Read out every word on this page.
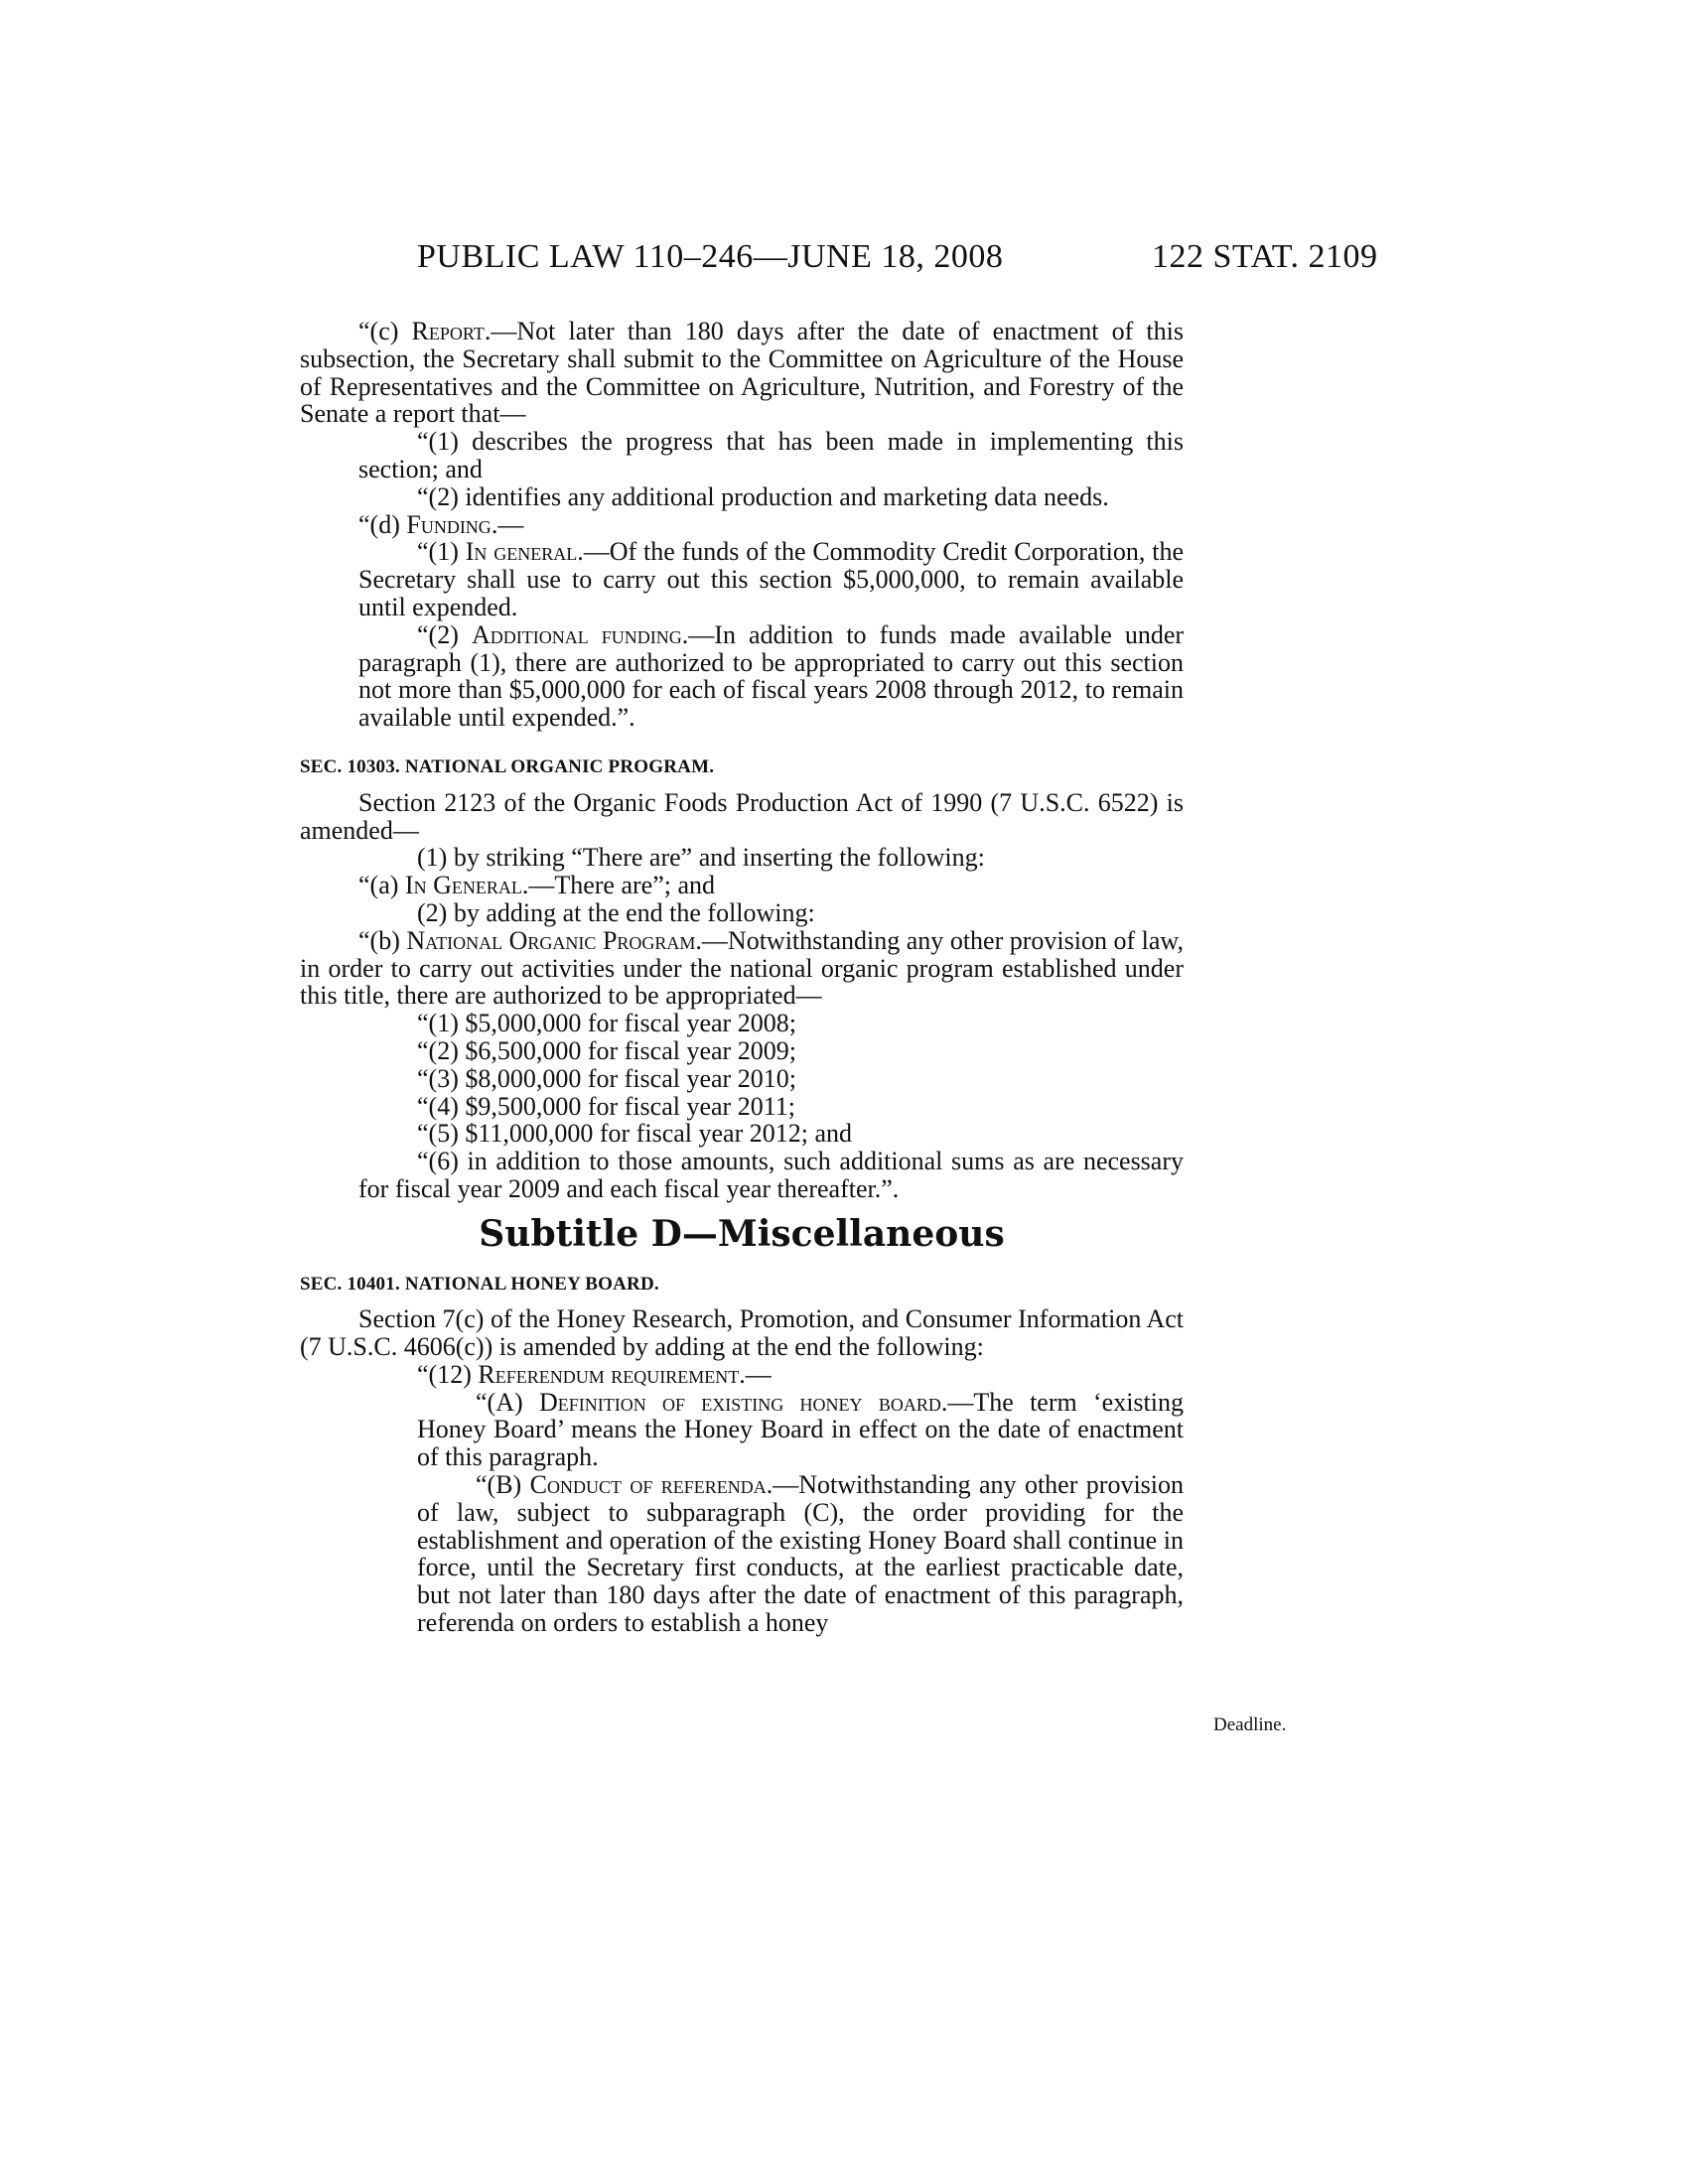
PUBLIC LAW 110–246—JUNE 18, 2008	122 STAT. 2109
Deadline.

“(c) Report.—Not later than 180 days after the date of enactment of this subsection, the Secretary shall submit to the Committee on Agriculture of the House of Representatives and the Committee on Agriculture, Nutrition, and Forestry of the Senate a report that—

“(1) describes the progress that has been made in implementing this section; and

“(2) identifies any additional production and marketing data needs.

“(d) Funding.—

“(1) In general.—Of the funds of the Commodity Credit Corporation, the Secretary shall use to carry out this section $5,000,000, to remain available until expended.

“(2) Additional funding.—In addition to funds made available under paragraph (1), there are authorized to be appropriated to carry out this section not more than $5,000,000 for each of fiscal years 2008 through 2012, to remain available until expended.”.

SEC. 10303. NATIONAL ORGANIC PROGRAM.

Section 2123 of the Organic Foods Production Act of 1990 (7 U.S.C. 6522) is amended—

(1) by striking “There are” and inserting the following:

“(a) In General.—There are”; and

(2) by adding at the end the following:

“(b) National Organic Program.—Notwithstanding any other provision of law, in order to carry out activities under the national organic program established under this title, there are authorized to be appropriated—

“(1) $5,000,000 for fiscal year 2008;

“(2) $6,500,000 for fiscal year 2009;

“(3) $8,000,000 for fiscal year 2010;

“(4) $9,500,000 for fiscal year 2011;

“(5) $11,000,000 for fiscal year 2012; and

“(6) in addition to those amounts, such additional sums as are necessary for fiscal year 2009 and each fiscal year thereafter.”.

Subtitle D—Miscellaneous
SEC. 10401. NATIONAL HONEY BOARD.

Section 7(c) of the Honey Research, Promotion, and Consumer Information Act (7 U.S.C. 4606(c)) is amended by adding at the end the following:

“(12) Referendum requirement.—

“(A) Definition of existing honey board.—The term ‘existing Honey Board’ means the Honey Board in effect on the date of enactment of this paragraph.

“(B) Conduct of referenda.—Notwithstanding any other provision of law, subject to subparagraph (C), the order providing for the establishment and operation of the existing Honey Board shall continue in force, until the Secretary first conducts, at the earliest practicable date, but not later than 180 days after the date of enactment of this paragraph, referenda on orders to establish a honey
